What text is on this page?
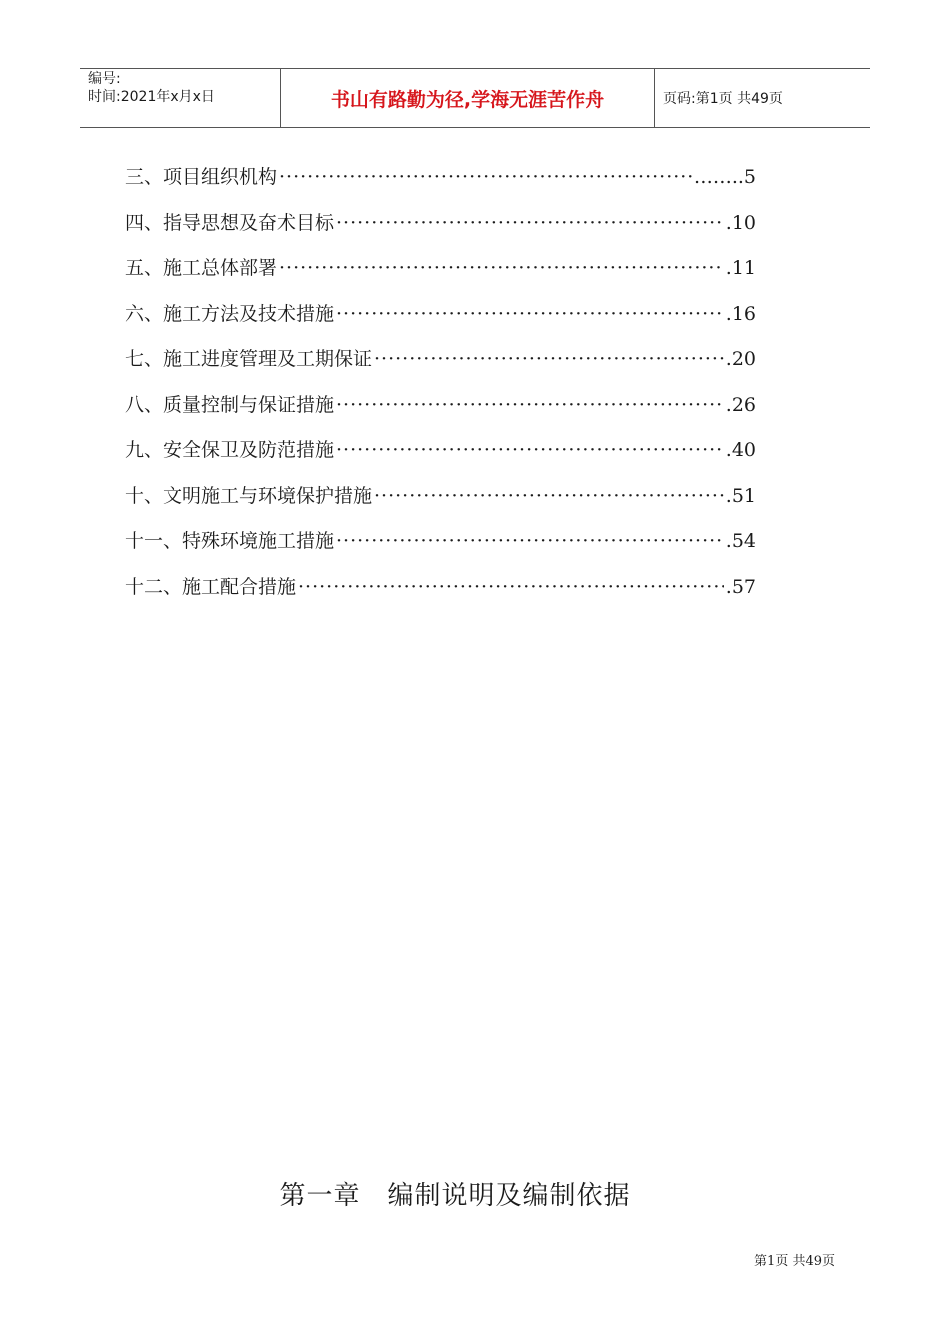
编号:
时间:2021年x月x日	书山有路勤为径,学海无涯苦作舟	页码:第1页 共49页
三、项目组织机构 ·····	……..5
四、指导思想及奋术目标 ·····	.10
五、施工总体部署 ·····	.11
六、施工方法及技术措施 ·····	.16
七、施工进度管理及工期保证 ·····	.20
八、质量控制与保证措施 ·····	.26
九、安全保卫及防范措施 ·····	.40
十、文明施工与环境保护措施 ·····	.51
十一、特殊环境施工措施 ·····	.54
十二、施工配合措施 ·····	.57
第一章　编制说明及编制依据
第1页 共49页
